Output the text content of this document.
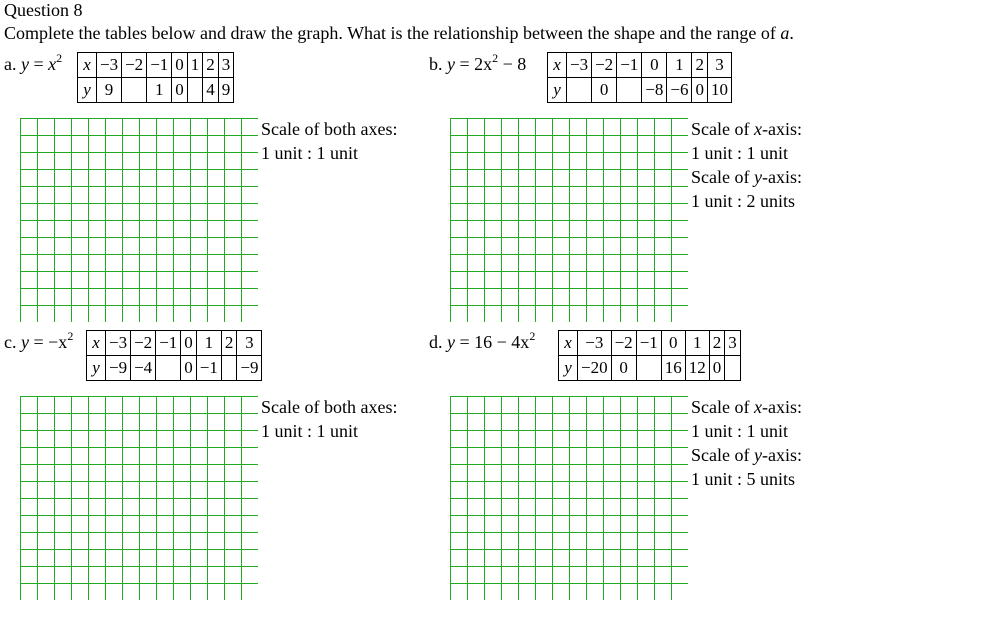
Question 8
Complete the tables below and draw the graph. What is the relationship between the shape and the range of a.
a. $y = x^2$ x	−3	−2	−1	0	1	2	3
y	9		1	0		4	9
Scale of both axes:
1 unit : 1 unit
b. $y = 2x^2 - 8$ x	−3	−2	−1	0	1	2	3
y		0		−8	−6	0	10
Scale of x-axis:
1 unit : 1 unit
Scale of y-axis:
1 unit : 2 units
c. $y = -x^2$ x	−3	−2	−1	0	1	2	3
y	−9	−4		0	−1		−9
Scale of both axes:
1 unit : 1 unit
d. $y = 16 - 4x^2$ x	−3	−2	−1	0	1	2	3
y	−20	0		16	12	0	
Scale of x-axis:
1 unit : 1 unit
Scale of y-axis:
1 unit : 5 units
